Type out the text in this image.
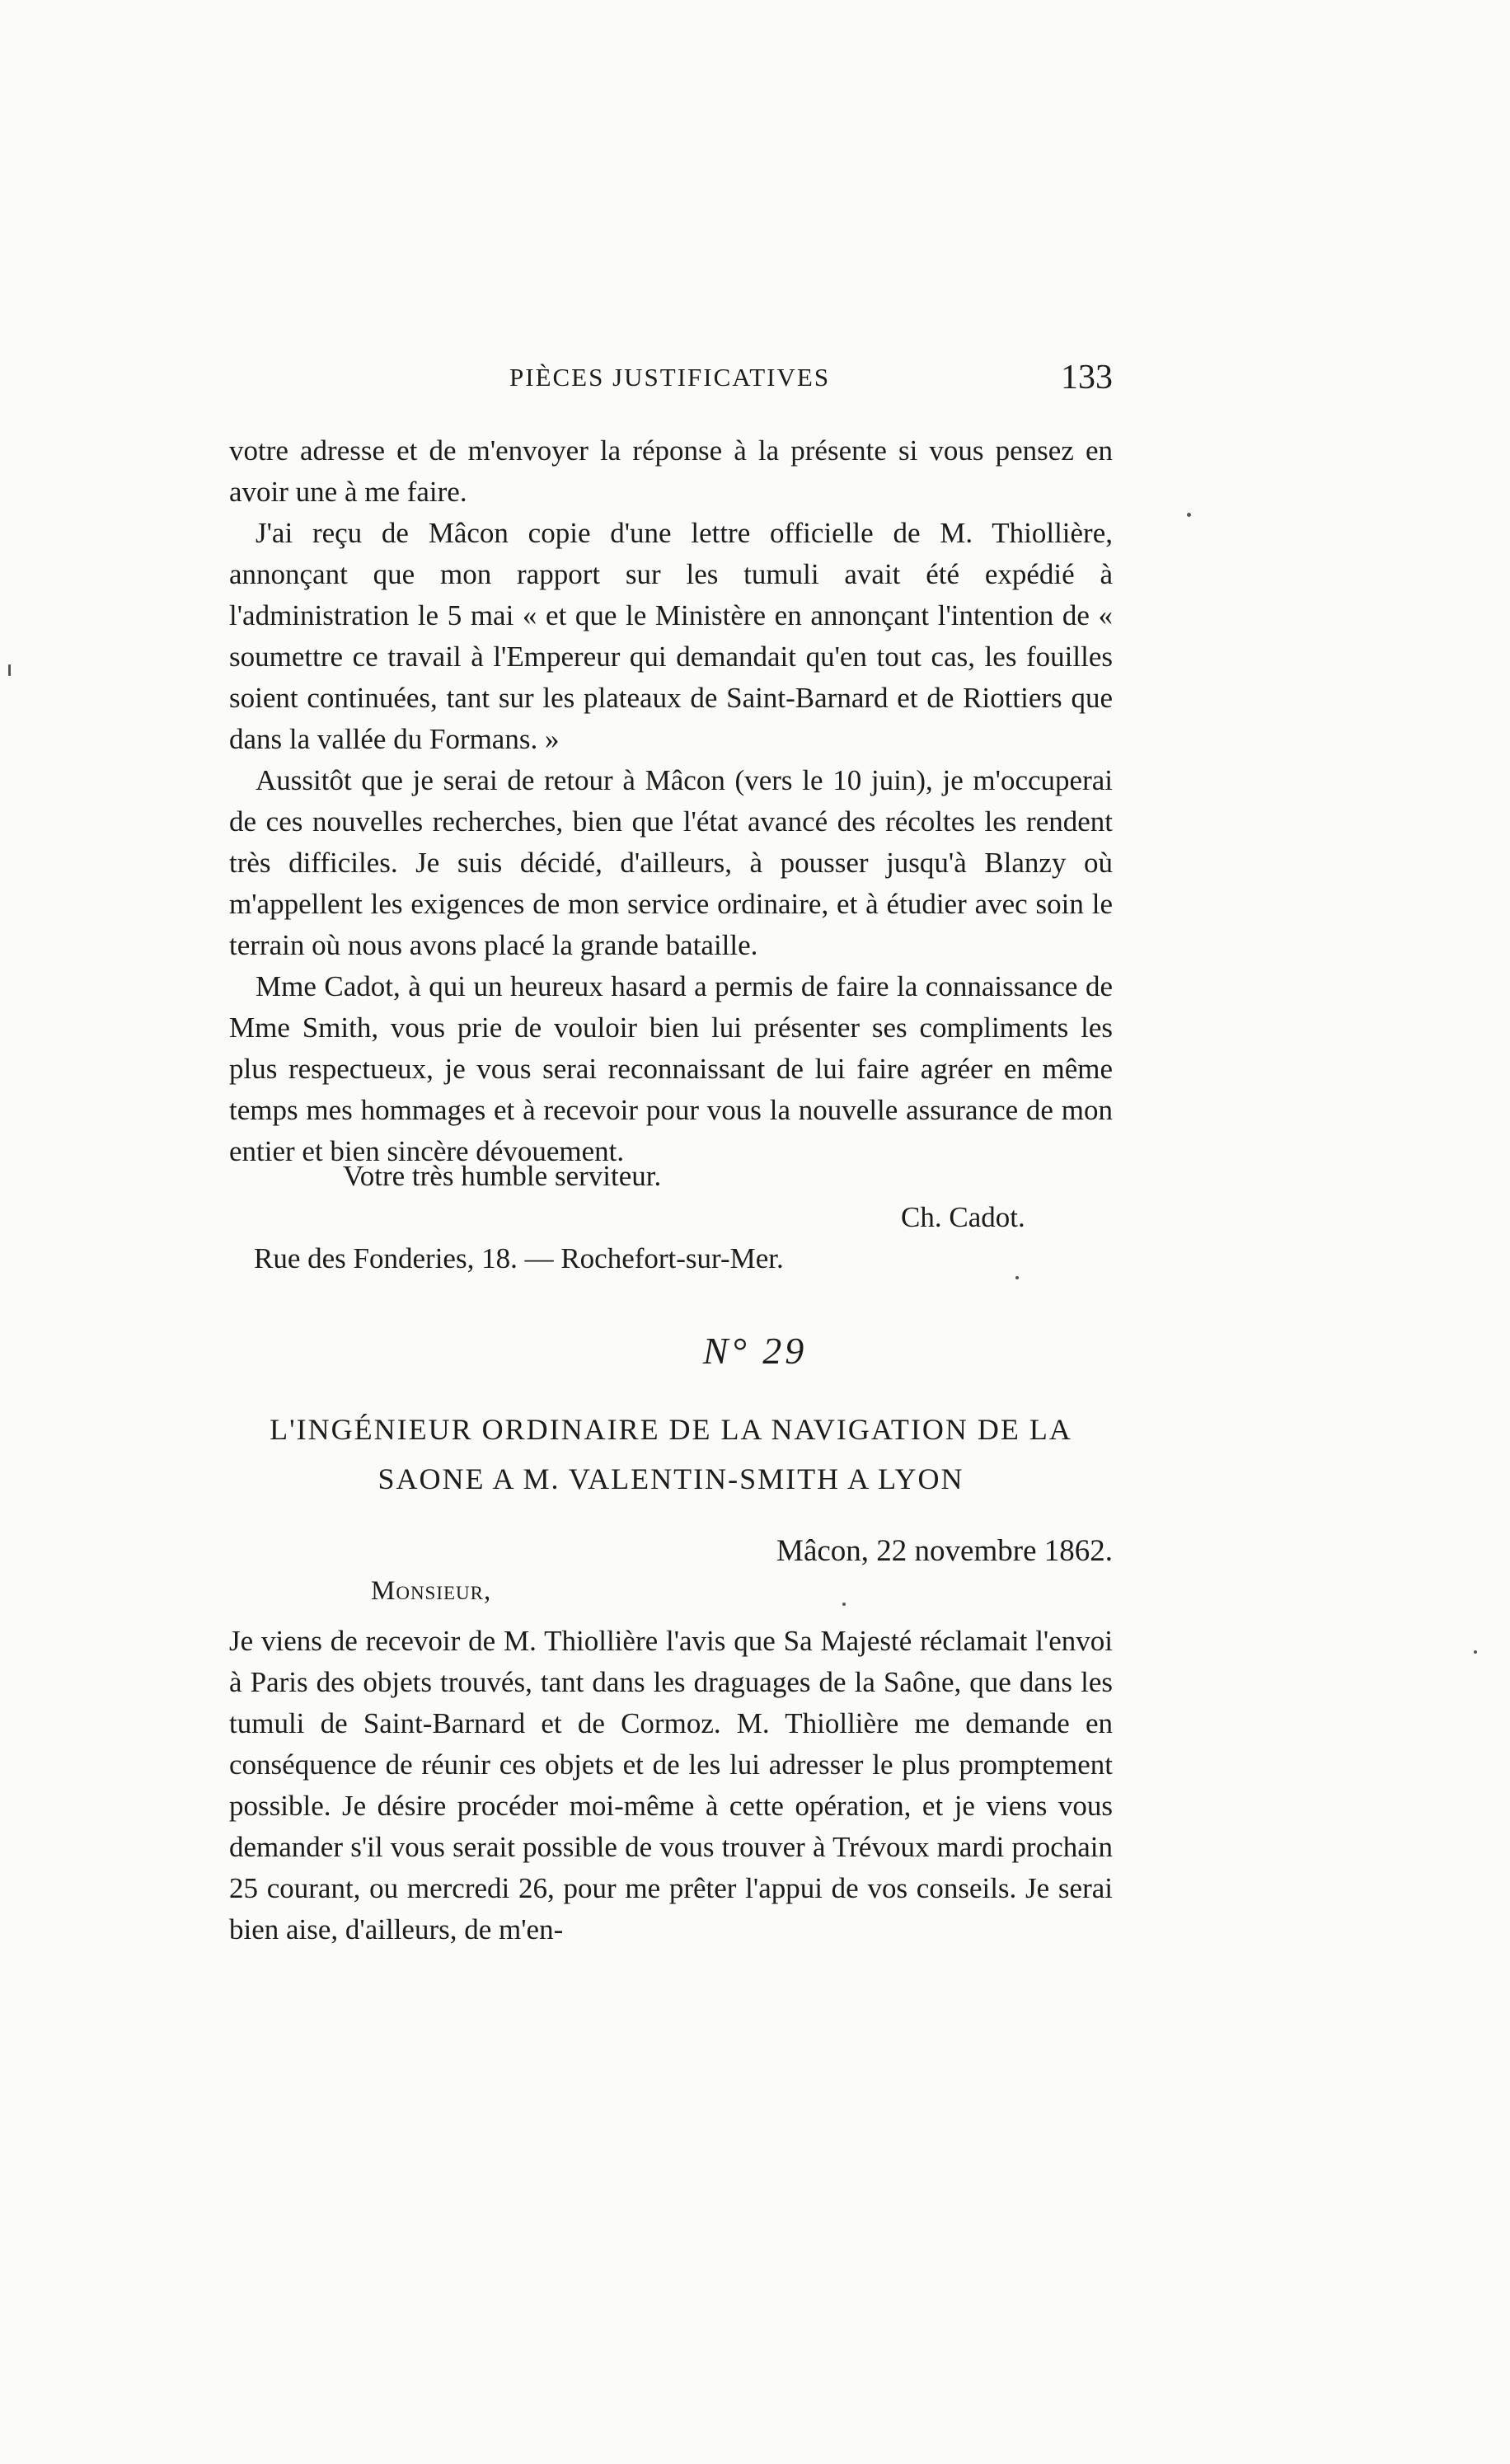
PIÈCES JUSTIFICATIVES	133

votre adresse et de m'envoyer la réponse à la présente si vous pensez en avoir une à me faire.

J'ai reçu de Mâcon copie d'une lettre officielle de M. Thiollière, annonçant que mon rapport sur les tumuli avait été expédié à l'administration le 5 mai « et que le Ministère en annonçant l'intention de « soumettre ce travail à l'Empereur qui demandait qu'en tout cas, les fouilles soient continuées, tant sur les plateaux de Saint-Barnard et de Riottiers que dans la vallée du Formans. »

Aussitôt que je serai de retour à Mâcon (vers le 10 juin), je m'occuperai de ces nouvelles recherches, bien que l'état avancé des récoltes les rendent très difficiles. Je suis décidé, d'ailleurs, à pousser jusqu'à Blanzy où m'appellent les exigences de mon service ordinaire, et à étudier avec soin le terrain où nous avons placé la grande bataille.

Mme Cadot, à qui un heureux hasard a permis de faire la connaissance de Mme Smith, vous prie de vouloir bien lui présenter ses compliments les plus respectueux, je vous serai reconnaissant de lui faire agréer en même temps mes hommages et à recevoir pour vous la nouvelle assurance de mon entier et bien sincère dévouement.

Votre très humble serviteur.
Ch. Cadot.
Rue des Fonderies, 18. — Rochefort-sur-Mer.
N° 29
L'INGÉNIEUR ORDINAIRE DE LA NAVIGATION DE LA
SAONE A M. VALENTIN-SMITH A LYON
Mâcon, 22 novembre 1862.
Monsieur,

Je viens de recevoir de M. Thiollière l'avis que Sa Majesté réclamait l'envoi à Paris des objets trouvés, tant dans les draguages de la Saône, que dans les tumuli de Saint-Barnard et de Cormoz. M. Thiollière me demande en conséquence de réunir ces objets et de les lui adresser le plus promptement possible. Je désire procéder moi-même à cette opération, et je viens vous demander s'il vous serait possible de vous trouver à Trévoux mardi prochain 25 courant, ou mercredi 26, pour me prêter l'appui de vos conseils. Je serai bien aise, d'ailleurs, de m'en-
